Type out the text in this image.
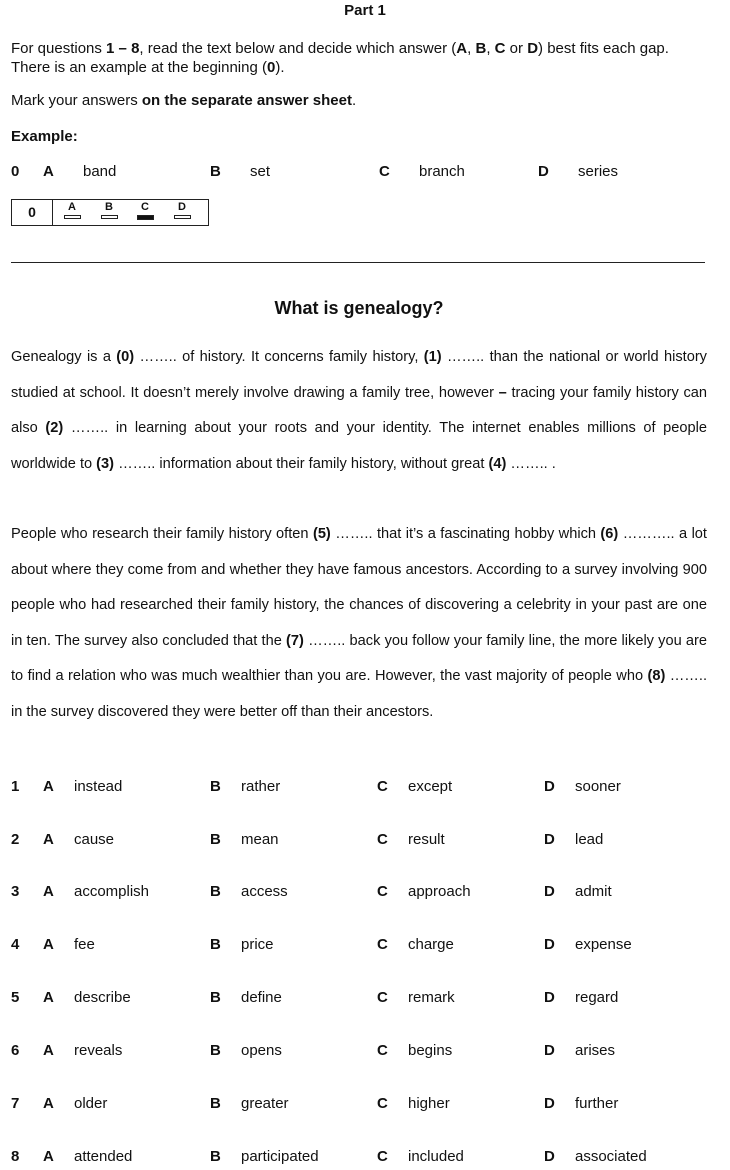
Part 1
For questions 1 – 8, read the text below and decide which answer (A, B, C or D) best fits each gap.
There is an example at the beginning (0).
Mark your answers on the separate answer sheet.
Example:
0 A band	B set	C branch	D series
0	A	B	C	D
What is genealogy?
Genealogy is a (0) …….. of history. It concerns family history, (1) …….. than the national or world history studied at school. It doesn’t merely involve drawing a family tree, however – tracing your family history can also (2) …….. in learning about your roots and your identity. The internet enables millions of people worldwide to (3) …….. information about their family history, without great (4) …….. .
People who research their family history often (5) …….. that it’s a fascinating hobby which (6) ……….. a lot about where they come from and whether they have famous ancestors. According to a survey involving 900 people who had researched their family history, the chances of discovering a celebrity in your past are one in ten. The survey also concluded that the (7) …….. back you follow your family line, the more likely you are to find a relation who was much wealthier than you are. However, the vast majority of people who (8) …….. in the survey discovered they were better off than their ancestors.
1 A instead	B rather	C except	D sooner
2 A cause	B mean	C result	D lead
3 A accomplish	B access	C approach	D admit
4 A fee	B price	C charge	D expense
5 A describe	B define	C remark	D regard
6 A reveals	B opens	C begins	D arises
7 A older	B greater	C higher	D further
8 A attended	B participated	C included	D associated
